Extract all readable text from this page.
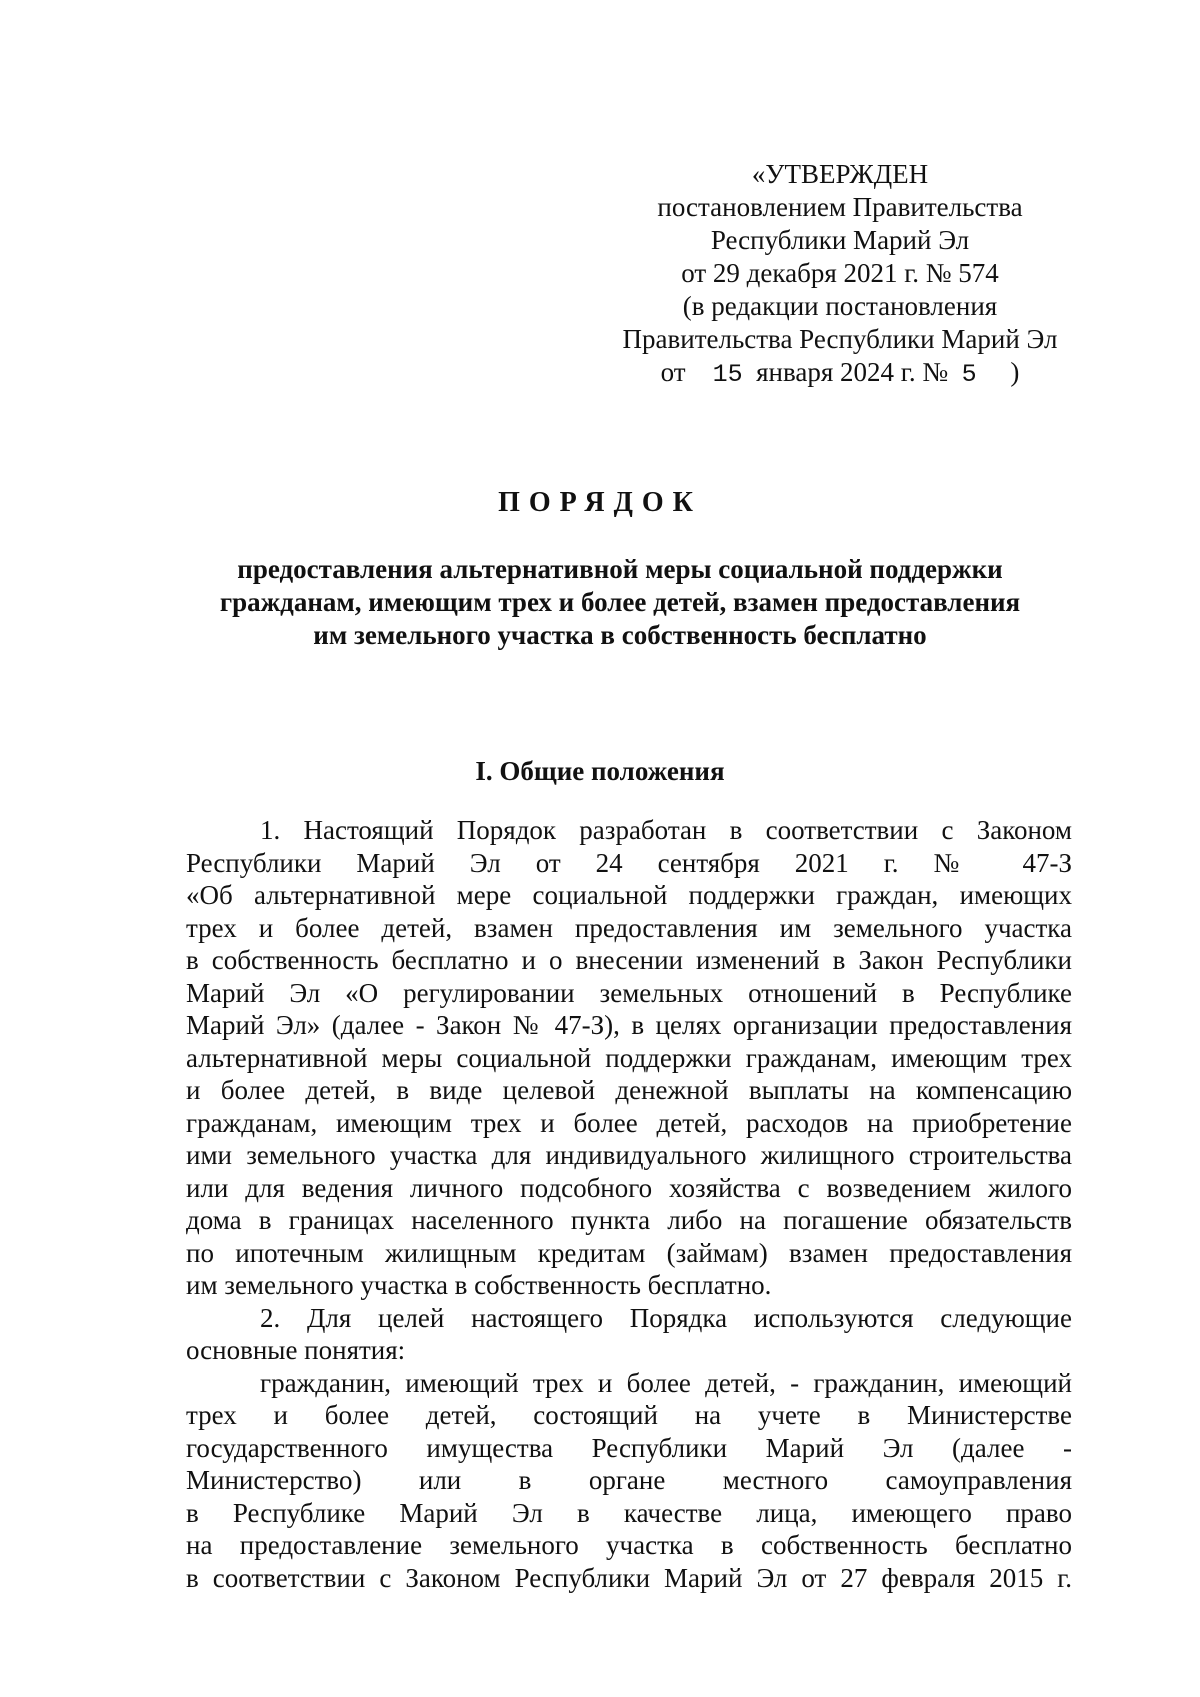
«УТВЕРЖДЕН
постановлением Правительства
Республики Марий Эл
от 29 декабря 2021 г. № 574
(в редакции постановления
Правительства Республики Марий Эл
от 15 января 2024 г. № 5 )
ПОРЯДОК
предоставления альтернативной меры социальной поддержки
гражданам, имеющим трех и более детей, взамен предоставления
им земельного участка в собственность бесплатно
I. Общие положения
1. Настоящий Порядок разработан в соответствии с Законом
Республики Марий Эл от 24 сентября 2021 г. № 47-З
«Об альтернативной мере социальной поддержки граждан, имеющих
трех и более детей, взамен предоставления им земельного участка
в собственность бесплатно и о внесении изменений в Закон Республики
Марий Эл «О регулировании земельных отношений в Республике
Марий Эл» (далее - Закон № 47-З), в целях организации предоставления
альтернативной меры социальной поддержки гражданам, имеющим трех
и более детей, в виде целевой денежной выплаты на компенсацию
гражданам, имеющим трех и более детей, расходов на приобретение
ими земельного участка для индивидуального жилищного строительства
или для ведения личного подсобного хозяйства с возведением жилого
дома в границах населенного пункта либо на погашение обязательств
по ипотечным жилищным кредитам (займам) взамен предоставления
им земельного участка в собственность бесплатно.
2. Для целей настоящего Порядка используются следующие
основные понятия:
гражданин, имеющий трех и более детей, - гражданин, имеющий
трех и более детей, состоящий на учете в Министерстве
государственного имущества Республики Марий Эл (далее -
Министерство) или в органе местного самоуправления
в Республике Марий Эл в качестве лица, имеющего право
на предоставление земельного участка в собственность бесплатно
в соответствии с Законом Республики Марий Эл от 27 февраля 2015 г.
